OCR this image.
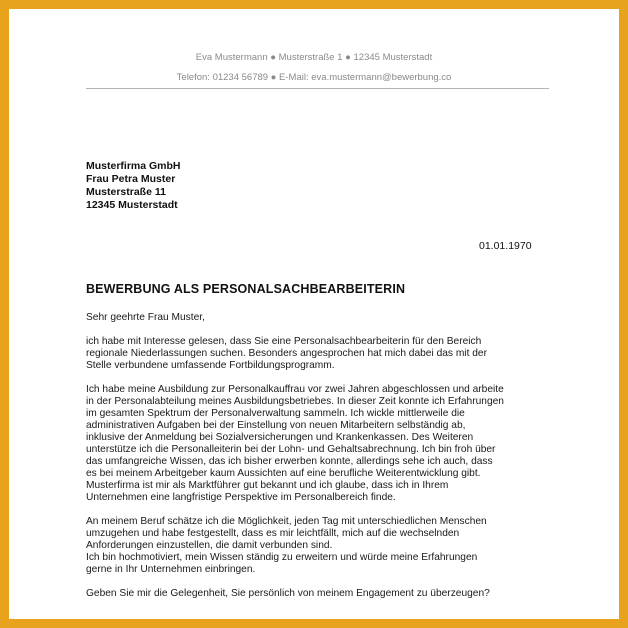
Eva Mustermann ● Musterstraße 1 ● 12345 Musterstadt
Telefon: 01234 56789 ● E-Mail: eva.mustermann@bewerbung.co
Musterfirma GmbH
Frau Petra Muster
Musterstraße 11
12345 Musterstadt
01.01.1970
BEWERBUNG ALS PERSONALSACHBEARBEITERIN
Sehr geehrte Frau Muster,
ich habe mit Interesse gelesen, dass Sie eine Personalsachbearbeiterin für den Bereich
regionale Niederlassungen suchen. Besonders angesprochen hat mich dabei das mit der
Stelle verbundene umfassende Fortbildungsprogramm.
Ich habe meine Ausbildung zur Personalkauffrau vor zwei Jahren abgeschlossen und arbeite
in der Personalabteilung meines Ausbildungsbetriebes. In dieser Zeit konnte ich Erfahrungen
im gesamten Spektrum der Personalverwaltung sammeln. Ich wickle mittlerweile die
administrativen Aufgaben bei der Einstellung von neuen Mitarbeitern selbständig ab,
inklusive der Anmeldung bei Sozialversicherungen und Krankenkassen. Des Weiteren
unterstütze ich die Personalleiterin bei der Lohn- und Gehaltsabrechnung. Ich bin froh über
das umfangreiche Wissen, das ich bisher erwerben konnte, allerdings sehe ich auch, dass
es bei meinem Arbeitgeber kaum Aussichten auf eine berufliche Weiterentwicklung gibt.
Musterfirma ist mir als Marktführer gut bekannt und ich glaube, dass ich in Ihrem
Unternehmen eine langfristige Perspektive im Personalbereich finde.
An meinem Beruf schätze ich die Möglichkeit, jeden Tag mit unterschiedlichen Menschen
umzugehen und habe festgestellt, dass es mir leichtfällt, mich auf die wechselnden
Anforderungen einzustellen, die damit verbunden sind.
Ich bin hochmotiviert, mein Wissen ständig zu erweitern und würde meine Erfahrungen
gerne in Ihr Unternehmen einbringen.
Geben Sie mir die Gelegenheit, Sie persönlich von meinem Engagement zu überzeugen?
